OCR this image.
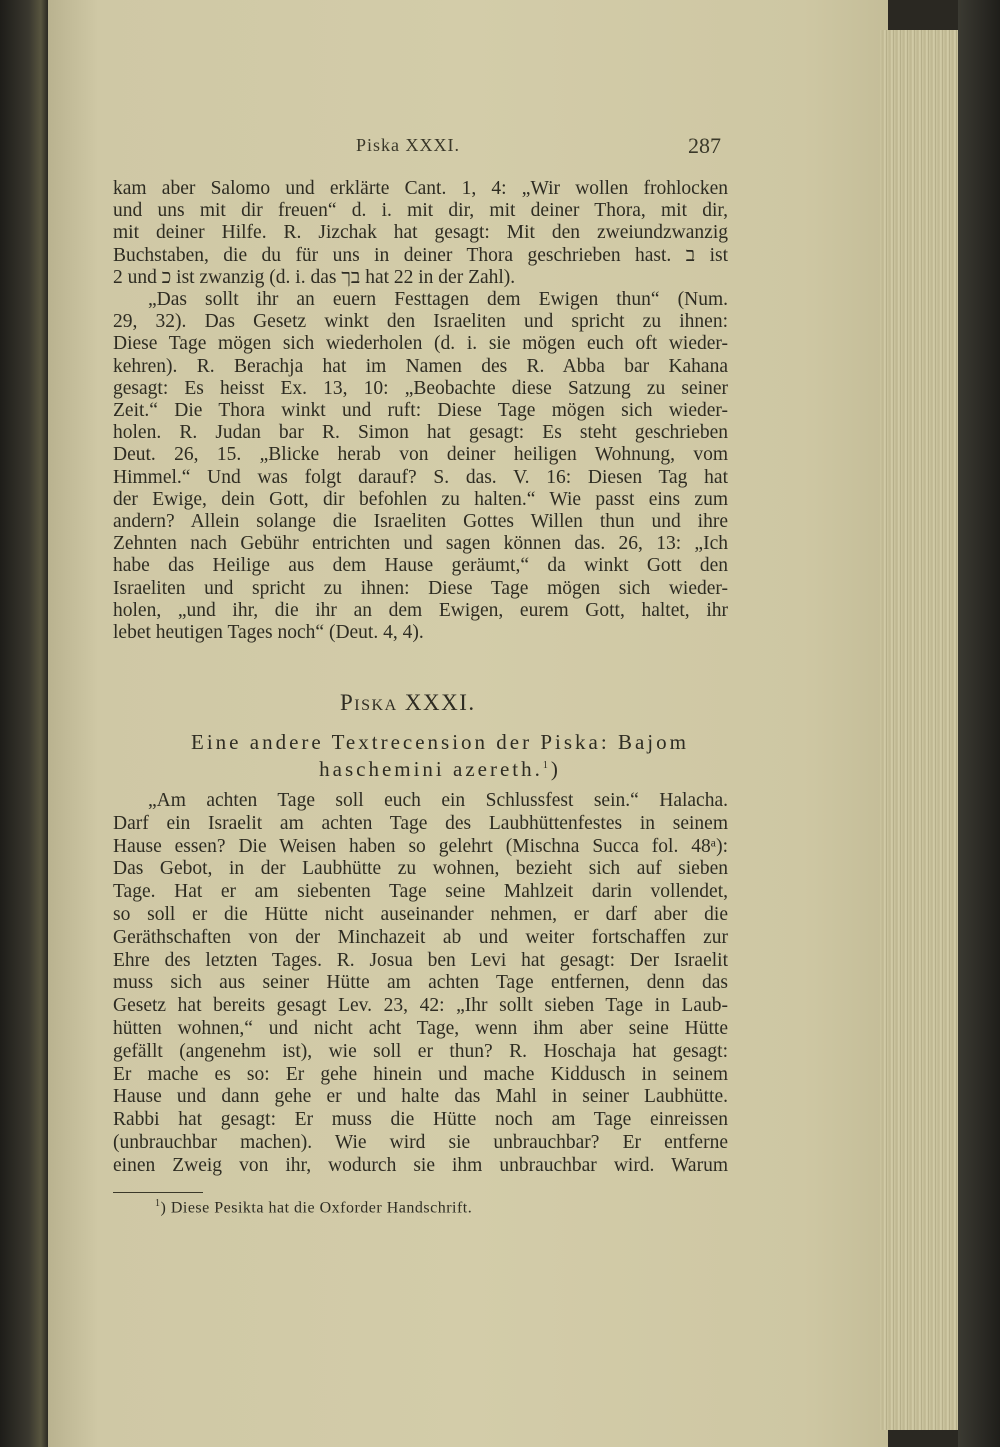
Piska XXXI.	287
kam aber Salomo und erklärte Cant. 1, 4: „Wir wollen frohlocken
und uns mit dir freuen“ d. i. mit dir, mit deiner Thora, mit dir,
mit deiner Hilfe. R. Jizchak hat gesagt: Mit den zweiundzwanzig
Buchstaben, die du für uns in deiner Thora geschrieben hast. ב ist
2 und כ ist zwanzig (d. i. das בך hat 22 in der Zahl).
„Das sollt ihr an euern Festtagen dem Ewigen thun“ (Num.
29, 32). Das Gesetz winkt den Israeliten und spricht zu ihnen:
Diese Tage mögen sich wiederholen (d. i. sie mögen euch oft wieder-
kehren). R. Berachja hat im Namen des R. Abba bar Kahana
gesagt: Es heisst Ex. 13, 10: „Beobachte diese Satzung zu seiner
Zeit.“ Die Thora winkt und ruft: Diese Tage mögen sich wieder-
holen. R. Judan bar R. Simon hat gesagt: Es steht geschrieben
Deut. 26, 15. „Blicke herab von deiner heiligen Wohnung, vom
Himmel.“ Und was folgt darauf? S. das. V. 16: Diesen Tag hat
der Ewige, dein Gott, dir befohlen zu halten.“ Wie passt eins zum
andern? Allein solange die Israeliten Gottes Willen thun und ihre
Zehnten nach Gebühr entrichten und sagen können das. 26, 13: „Ich
habe das Heilige aus dem Hause geräumt,“ da winkt Gott den
Israeliten und spricht zu ihnen: Diese Tage mögen sich wieder-
holen, „und ihr, die ihr an dem Ewigen, eurem Gott, haltet, ihr
lebet heutigen Tages noch“ (Deut. 4, 4).
Piska XXXI.
Eine andere Textrecension der Piska: Bajom
haschemini azereth.$^1$)
„Am achten Tage soll euch ein Schlussfest sein.“ Halacha.
Darf ein Israelit am achten Tage des Laubhüttenfestes in seinem
Hause essen? Die Weisen haben so gelehrt (Mischna Succa fol. 48ᵃ):
Das Gebot, in der Laubhütte zu wohnen, bezieht sich auf sieben
Tage. Hat er am siebenten Tage seine Mahlzeit darin vollendet,
so soll er die Hütte nicht auseinander nehmen, er darf aber die
Geräthschaften von der Minchazeit ab und weiter fortschaffen zur
Ehre des letzten Tages. R. Josua ben Levi hat gesagt: Der Israelit
muss sich aus seiner Hütte am achten Tage entfernen, denn das
Gesetz hat bereits gesagt Lev. 23, 42: „Ihr sollt sieben Tage in Laub-
hütten wohnen,“ und nicht acht Tage, wenn ihm aber seine Hütte
gefällt (angenehm ist), wie soll er thun? R. Hoschaja hat gesagt:
Er mache es so: Er gehe hinein und mache Kiddusch in seinem
Hause und dann gehe er und halte das Mahl in seiner Laubhütte.
Rabbi hat gesagt: Er muss die Hütte noch am Tage einreissen
(unbrauchbar machen). Wie wird sie unbrauchbar? Er entferne
einen Zweig von ihr, wodurch sie ihm unbrauchbar wird. Warum
$^1$) Diese Pesikta hat die Oxforder Handschrift.
